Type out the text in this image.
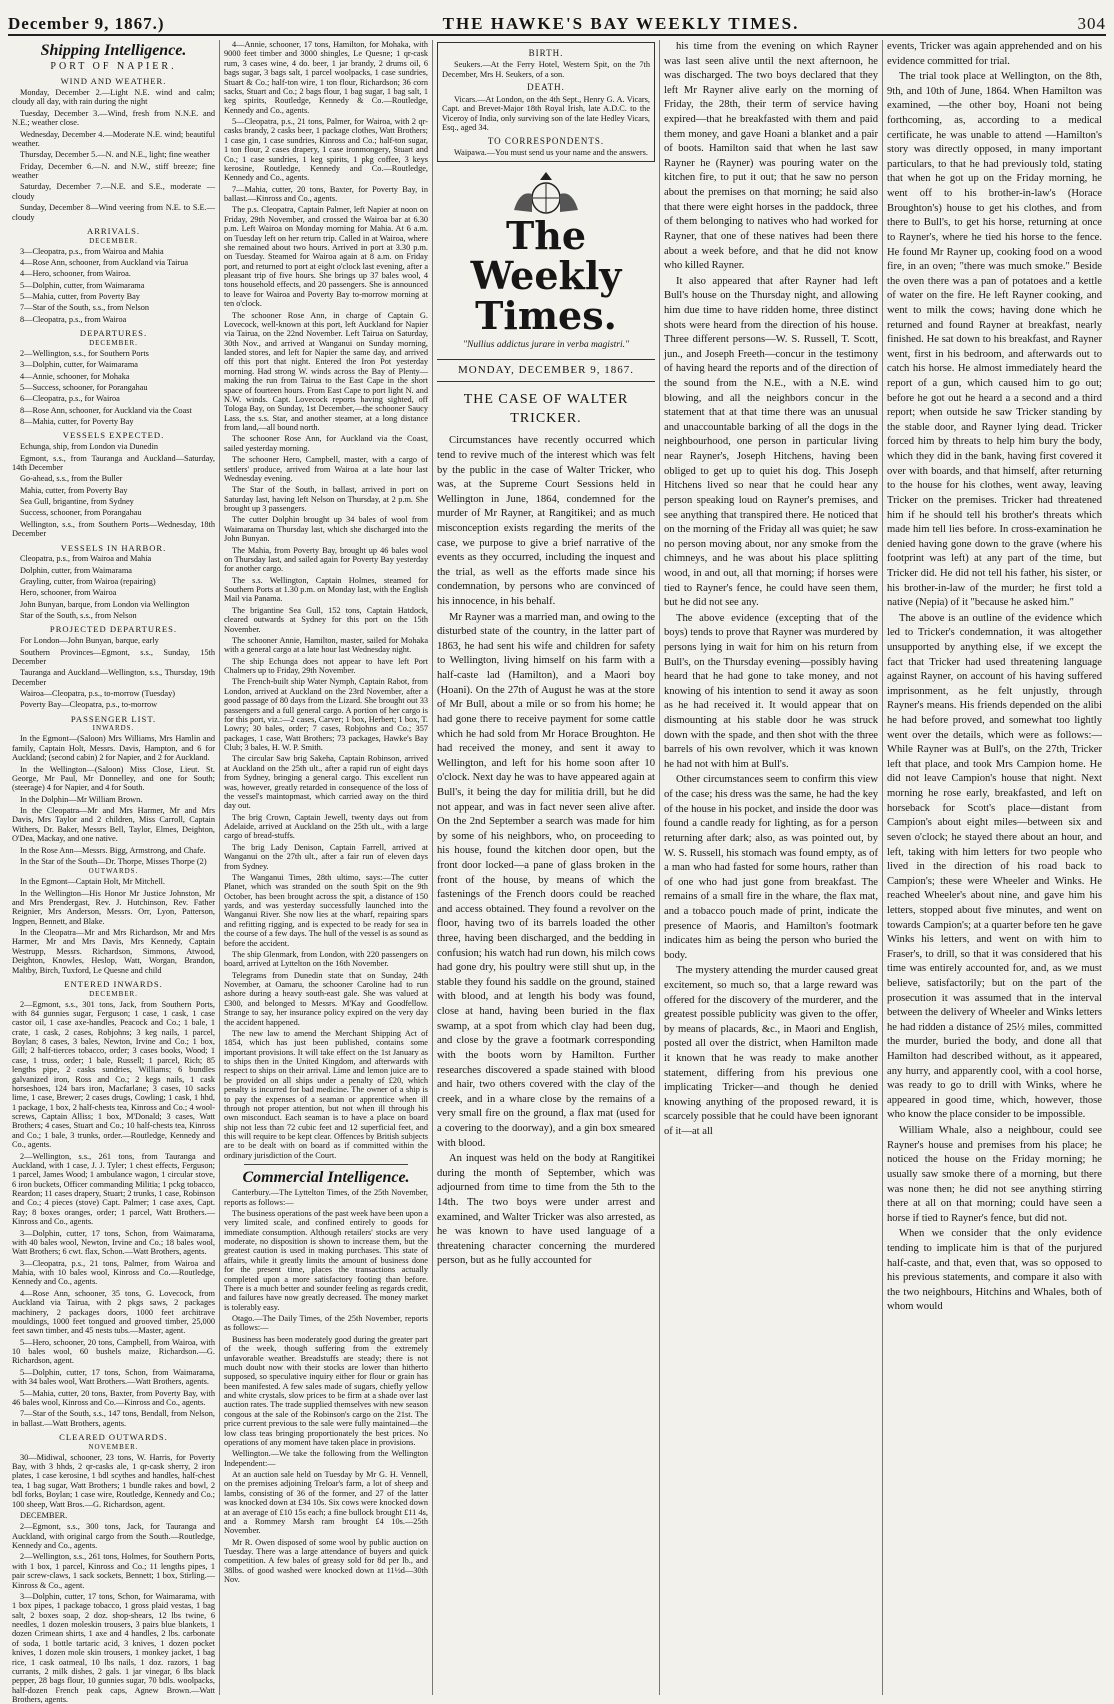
December 9, 1867.)	THE HAWKE'S BAY WEEKLY TIMES.	304
Shipping Intelligence.
PORT OF NAPIER.
WIND AND WEATHER.

Monday, December 2.—Light N.E. wind and calm; cloudy all day, with rain during the night

Tuesday, December 3.—Wind, fresh from N.N.E. and N.E.; weather close.

Wednesday, December 4.—Moderate N.E. wind; beautiful weather.

Thursday, December 5.—N. and N.E., light; fine weather

Friday, December 6.—N. and N.W., stiff breeze; fine weather

Saturday, December 7.—N.E. and S.E., moderate —cloudy

Sunday, December 8—Wind veering from N.E. to S.E.—cloudy

ARRIVALS.
DECEMBER.

3—Cleopatra, p.s., from Wairoa and Mahia

4—Rose Ann, schooner, from Auckland via Tairua

4—Hero, schooner, from Wairoa.

5—Dolphin, cutter, from Waimarama

5—Mahia, cutter, from Poverty Bay

7—Star of the South, s.s., from Nelson

8—Cleopatra, p.s., from Wairoa

DEPARTURES.
DECEMBER.

2—Wellington, s.s., for Southern Ports

3—Dolphin, cutter, for Waimarama

4—Annie, schooner, for Mohaka

5—Success, schooner, for Porangahau

6—Cleopatra, p.s., for Wairoa

8—Rose Ann, schooner, for Auckland via the Coast

8—Mahia, cutter, for Poverty Bay

VESSELS EXPECTED.

Echunga, ship, from London via Dunedin

Egmont, s.s., from Tauranga and Auckland—Saturday, 14th December

Go-ahead, s.s., from the Buller

Mahia, cutter, from Poverty Bay

Sea Gull, brigantine, from Sydney

Success, schooner, from Porangahau

Wellington, s.s., from Southern Ports—Wednesday, 18th December

VESSELS IN HARBOR.

Cleopatra, p.s., from Wairoa and Mahia

Dolphin, cutter, from Waimarama

Grayling, cutter, from Wairoa (repairing)

Hero, schooner, from Wairoa

John Bunyan, barque, from London via Wellington

Star of the South, s.s., from Nelson

PROJECTED DEPARTURES.

For London—John Bunyan, barque, early

Southern Provinces—Egmont, s.s., Sunday, 15th December

Tauranga and Auckland—Wellington, s.s., Thursday, 19th December

Wairoa—Cleopatra, p.s., to-morrow (Tuesday)

Poverty Bay—Cleopatra, p.s., to-morrow

PASSENGER LIST.
INWARDS.

In the Egmont—(Saloon) Mrs Williams, Mrs Hamlin and family, Captain Holt, Messrs. Davis, Hampton, and 6 for Auckland; (second cabin) 2 for Napier, and 2 for Auckland.

In the Wellington—(Saloon) Miss Close, Lieut. St. George, Mr Paul, Mr Donnelley, and one for South; (steerage) 4 for Napier, and 4 for South.

In the Dolphin—Mr William Brown.

In the Cleopatra—Mr and Mrs Harmer, Mr and Mrs Davis, Mrs Taylor and 2 children, Miss Carroll, Captain Withers, Dr. Baker, Messrs Bell, Taylor, Elmes, Deighton, O'Dea, Mackay, and one native.

In the Rose Ann—Messrs. Bigg, Armstrong, and Chafe.

In the Star of the South—Dr. Thorpe, Misses Thorpe (2)

OUTWARDS.

In the Egmont—Captain Holt, Mr Mitchell.

In the Wellington—His Honor Mr Justice Johnston, Mr and Mrs Prendergast, Rev. J. Hutchinson, Rev. Father Reignier, Mrs Anderson, Messrs. Orr, Lyon, Patterson, Ingpen, Bennett, and Blake.

In the Cleopatra—Mr and Mrs Richardson, Mr and Mrs Harmer, Mr and Mrs Davis, Mrs Kennedy, Captain Westrupp, Messrs. Richardson, Simmons, Atwood, Deighton, Knowles, Heslop, Watt, Worgan, Brandon, Maltby, Birch, Tuxford, Le Quesne and child

ENTERED INWARDS.
DECEMBER.

2—Egmont, s.s., 301 tons, Jack, from Southern Ports, with 84 gunnies sugar, Ferguson; 1 case, 1 cask, 1 case castor oil, 1 case axe-handles, Peacock and Co.; 1 bale, 1 crate, 1 cask, 2 cases, Robjohns; 3 keg nails, 1 parcel, Boylan; 8 cases, 3 bales, Newton, Irvine and Co.; 1 box, Gill; 2 half-tierces tobacco, order; 3 cases books, Wood; 1 case, 1 truss, order; 1 bale, Russell; 1 parcel, Rich; 85 lengths pipe, 2 casks sundries, Williams; 6 bundles galvanized iron, Ross and Co.; 2 kegs nails, 1 cask horseshoes, 124 bars iron, Macfarlane; 3 cases, 10 sacks lime, 1 case, Brewer; 2 cases drugs, Cowling; 1 cask, 1 hhd, 1 package, 1 box, 2 half-chests tea, Kinross and Co.; 4 wool-screws, Captain Alliss; 1 box, M'Donald; 3 cases, Watt Brothers; 4 cases, Stuart and Co.; 10 half-chests tea, Kinross and Co.; 1 bale, 3 trunks, order.—Routledge, Kennedy and Co., agents.

2—Wellington, s.s., 261 tons, from Tauranga and Auckland, with 1 case, J. J. Tyler; 1 chest effects, Ferguson; 1 parcel, James Wood; 1 ambulance wagon, 1 circular stove, 6 iron buckets, Officer commanding Militia; 1 pckg tobacco, Reardon; 11 cases drapery, Stuart; 2 trunks, 1 case, Robinson and Co.; 4 pieces (stove) Capt. Palmer; 1 case axes, Capt. Ray; 8 boxes oranges, order; 1 parcel, Watt Brothers.—Kinross and Co., agents.

3—Dolphin, cutter, 17 tons, Schon, from Waimarama, with 40 bales wool, Newton, Irvine and Co.; 18 bales wool, Watt Brothers; 6 cwt. flax, Schon.—Watt Brothers, agents.

3—Cleopatra, p.s., 21 tons, Palmer, from Wairoa and Mahia, with 10 bales wool, Kinross and Co.—Routledge, Kennedy and Co., agents.

4—Rose Ann, schooner, 35 tons, G. Lovecock, from Auckland via Tairua, with 2 pkgs saws, 2 packages machinery, 2 packages doors, 1000 feet architrave mouldings, 1000 feet tongued and grooved timber, 25,000 feet sawn timber, and 45 nests tubs.—Master, agent.

5—Hero, schooner, 20 tons, Campbell, from Wairoa, with 10 bales wool, 60 bushels maize, Richardson.—G. Richardson, agent.

5—Dolphin, cutter, 17 tons, Schon, from Waimarama, with 34 bales wool, Watt Brothers.—Watt Brothers, agents.

5—Mahia, cutter, 20 tons, Baxter, from Poverty Bay, with 46 bales wool, Kinross and Co.—Kinross and Co., agents.

7—Star of the South, s.s., 147 tons, Bendall, from Nelson, in ballast.—Watt Brothers, agents.

CLEARED OUTWARDS.
NOVEMBER.

30—Midiwal, schooner, 23 tons, W. Harris, for Poverty Bay, with 3 hhds, 2 qr-casks ale, 1 qr-cask sherry, 2 iron plates, 1 case kerosine, 1 bdl scythes and handles, half-chest tea, 1 bag sugar, Watt Brothers; 1 bundle rakes and bowl, 2 bdl forks, Boylan; 1 case wire, Routledge, Kennedy and Co.; 100 sheep, Watt Bros.—G. Richardson, agent.

DECEMBER.

2—Egmont, s.s., 300 tons, Jack, for Tauranga and Auckland, with original cargo from the South.—Routledge, Kennedy and Co., agents.

2—Wellington, s.s., 261 tons, Holmes, for Southern Ports, with 1 box, 1 parcel, Kinross and Co.; 11 lengths pipes, 1 pair screw-claws, 1 sack sockets, Bennett; 1 box, Stirling.—Kinross & Co., agent.

3—Dolphin, cutter, 17 tons, Schon, for Waimarama, with 1 box pipes, 1 package tobacco, 1 gross plaid vestas, 1 bag salt, 2 boxes soap, 2 doz. shop-shears, 12 lbs twine, 6 needles, 1 dozen moleskin trousers, 3 pairs blue blankets, 1 dozen Crimean shirts, 1 axe and 4 handles, 2 lbs. carbonate of soda, 1 bottle tartaric acid, 3 knives, 1 dozen pocket knives, 1 dozen mole skin trousers, 1 monkey jacket, 1 bag rice, 1 cask oatmeal, 10 lbs nails, 1 doz. razors, 1 bag currants, 2 milk dishes, 2 gals. 1 jar vinegar, 6 lbs black pepper, 28 bags flour, 10 gunnies sugar, 70 bdls. woolpacks, half-dozen French peak caps, Agnew Brown.—Watt Brothers, agents.

4—Annie, schooner, 17 tons, Hamilton, for Mohaka, with 9000 feet timber and 3000 shingles, Le Quesne; 1 qr-cask rum, 3 cases wine, 4 do. beer, 1 jar brandy, 2 drums oil, 6 bags sugar, 3 bags salt, 1 parcel woolpacks, 1 case sundries, Stuart & Co.; half-ton wire, 1 ton flour, Richardson; 36 corn sacks, Stuart and Co.; 2 bags flour, 1 bag sugar, 1 bag salt, 1 keg spirits, Routledge, Kennedy & Co.—Routledge, Kennedy and Co., agents.

5—Cleopatra, p.s., 21 tons, Palmer, for Wairoa, with 2 qr-casks brandy, 2 casks beer, 1 package clothes, Watt Brothers; 1 case gin, 1 case sundries, Kinross and Co.; half-ton sugar, 1 ton flour, 2 cases drapery, 1 case ironmongery, Stuart and Co.; 1 case sundries, 1 keg spirits, 1 pkg coffee, 3 keys kerosine, Routledge, Kennedy and Co.—Routledge, Kennedy and Co., agents.

7—Mahia, cutter, 20 tons, Baxter, for Poverty Bay, in ballast.—Kinross and Co., agents.

The p.s. Cleopatra, Captain Palmer, left Napier at noon on Friday, 29th November, and crossed the Wairoa bar at 6.30 p.m. Left Wairoa on Monday morning for Mahia. At 6 a.m. on Tuesday left on her return trip. Called in at Wairoa, where she remained about two hours. Arrived in port at 3.30 p.m. on Tuesday. Steamed for Wairoa again at 8 a.m. on Friday port, and returned to port at eight o'clock last evening, after a pleasant trip of five hours. She brings up 37 bales wool, 4 tons household effects, and 20 passengers. She is announced to leave for Wairoa and Poverty Bay to-morrow morning at ten o'clock.

The schooner Rose Ann, in charge of Captain G. Lovecock, well-known at this port, left Auckland for Napier via Tairua, on the 22nd November. Left Tairua on Saturday, 30th Nov., and arrived at Wanganui on Sunday morning, landed stores, and left for Napier the same day, and arrived off this port that night. Entered the Iron Pot yesterday morning. Had strong W. winds across the Bay of Plenty—making the run from Tairua to the East Cape in the short space of fourteen hours. From East Cape to port light N. and N.W. winds. Capt. Lovecock reports having sighted, off Tologa Bay, on Sunday, 1st December,—the schooner Saucy Lass, the s.s. Star, and another steamer, at a long distance from land,—all bound north.

The schooner Rose Ann, for Auckland via the Coast, sailed yesterday morning.

The schooner Hero, Campbell, master, with a cargo of settlers' produce, arrived from Wairoa at a late hour last Wednesday evening.

The Star of the South, in ballast, arrived in port on Saturday last, having left Nelson on Thursday, at 2 p.m. She brought up 3 passengers.

The cutter Dolphin brought up 34 bales of wool from Waimarama on Thursday last, which she discharged into the John Bunyan.

The Mahia, from Poverty Bay, brought up 46 bales wool on Thursday last, and sailed again for Poverty Bay yesterday for another cargo.

The s.s. Wellington, Captain Holmes, steamed for Southern Ports at 1.30 p.m. on Monday last, with the English Mail via Panama.

The brigantine Sea Gull, 152 tons, Captain Hatdock, cleared outwards at Sydney for this port on the 15th November.

The schooner Annie, Hamilton, master, sailed for Mohaka with a general cargo at a late hour last Wednesday night.

The ship Echunga does not appear to have left Port Chalmers up to Friday, 29th November.

The French-built ship Water Nymph, Captain Rabot, from London, arrived at Auckland on the 23rd November, after a good passage of 80 days from the Lizard. She brought out 33 passengers and a full general cargo. A portion of her cargo is for this port, viz.:—2 cases, Carver; 1 box, Herbert; 1 box, T. Lowry; 30 bales, order; 7 cases, Robjohns and Co.; 357 packages, 1 case, Watt Brothers; 73 packages, Hawke's Bay Club; 3 bales, H. W. P. Smith.

The circular Saw brig Sakeha, Captain Robinson, arrived at Auckland on the 25th ult., after a rapid run of eight days from Sydney, bringing a general cargo. This excellent run was, however, greatly retarded in consequence of the loss of the vessel's maintopmast, which carried away on the third day out.

The brig Crown, Captain Jewell, twenty days out from Adelaide, arrived at Auckland on the 25th ult., with a large cargo of bread-stuffs.

The brig Lady Denison, Captain Farrell, arrived at Wanganui on the 27th ult., after a fair run of eleven days from Sydney.

The Wanganui Times, 28th ultimo, says:—The cutter Planet, which was stranded on the south Spit on the 9th October, has been brought across the spit, a distance of 150 yards, and was yesterday successfully launched into the Wanganui River. She now lies at the wharf, repairing spars and refitting rigging, and is expected to be ready for sea in the course of a few days. The hull of the vessel is as sound as before the accident.

The ship Glenmark, from London, with 220 passengers on board, arrived at Lyttelton on the 16th November.

Telegrams from Dunedin state that on Sunday, 24th November, at Oamaru, the schooner Caroline had to run ashore during a heavy south-east gale. She was valued at £300, and belonged to Messrs. M'Kay and Goodfellow. Strange to say, her insurance policy expired on the very day the accident happened.

The new law to amend the Merchant Shipping Act of 1854, which has just been published, contains some important provisions. It will take effect on the 1st January as to ships then in the United Kingdom, and afterwards with respect to ships on their arrival. Lime and lemon juice are to be provided on all ships under a penalty of £20, which penalty is incurred for bad medicine. The owner of a ship is to pay the expenses of a seaman or apprentice when ill through not proper attention, but not when ill through his own misconduct. Each seaman is to have a place on board ship not less than 72 cubic feet and 12 superficial feet, and this will require to be kept clear. Offences by British subjects are to be dealt with on board as if committed within the ordinary jurisdiction of the Court.

Commercial Intelligence.

Canterbury.—The Lyttelton Times, of the 25th November, reports as follows:—

The business operations of the past week have been upon a very limited scale, and confined entirely to goods for immediate consumption. Although retailers' stocks are very moderate, no disposition is shown to increase them, but the greatest caution is used in making purchases. This state of affairs, while it greatly limits the amount of business done for the present time, places the transactions actually completed upon a more satisfactory footing than before. There is a much better and sounder feeling as regards credit, and failures have now greatly decreased. The money market is tolerably easy.

Otago.—The Daily Times, of the 25th November, reports as follows:—

Business has been moderately good during the greater part of the week, though suffering from the extremely unfavorable weather. Breadstuffs are steady; there is not much doubt now with their stocks are lower than hitherto supposed, so speculative inquiry either for flour or grain has been manifested. A few sales made of sugars, chiefly yellow and white crystals, slow prices to be firm at a shade over last auction rates. The trade supplied themselves with new season congous at the sale of the Robinson's cargo on the 21st. The price current previous to the sale were fully maintained—the low class teas bringing proportionately the best prices. No operations of any moment have taken place in provisions.

Wellington.—We take the following from the Wellington Independent:—

At an auction sale held on Tuesday by Mr G. H. Vennell, on the premises adjoining Treloar's farm, a lot of sheep and lambs, consisting of 36 of the former, and 27 of the latter was knocked down at £34 10s. Six cows were knocked down at an average of £10 15s each; a fine bullock brought £11 4s, and a Rommey Marsh ram brought £4 10s.—25th November.

Mr R. Owen disposed of some wool by public auction on Tuesday. There was a large attendance of buyers and quick competition. A few bales of greasy sold for 8d per lb., and 38lbs. of good washed were knocked down at 11½d—30th Nov.

BIRTH.

Seukers.—At the Ferry Hotel, Western Spit, on the 7th December, Mrs H. Seukers, of a son.

DEATH.

Vicars.—At London, on the 4th Sept., Henry G. A. Vicars, Capt. and Brevet-Major 18th Royal Irish, late A.D.C. to the Viceroy of India, only surviving son of the late Hedley Vicars, Esq., aged 34.

TO CORRESPONDENTS.

Waipawa.—You must send us your name and the answers.

The Weekly Times.
"Nullius addictus jurare in verba magistri."
MONDAY, DECEMBER 9, 1867.
THE CASE OF WALTER TRICKER.

Circumstances have recently occurred which tend to revive much of the interest which was felt by the public in the case of Walter Tricker, who was, at the Supreme Court Sessions held in Wellington in June, 1864, condemned for the murder of Mr Rayner, at Rangitikei; and as much misconception exists regarding the merits of the case, we purpose to give a brief narrative of the events as they occurred, including the inquest and the trial, as well as the efforts made since his condemnation, by persons who are convinced of his innocence, in his behalf.

Mr Rayner was a married man, and owing to the disturbed state of the country, in the latter part of 1863, he had sent his wife and children for safety to Wellington, living himself on his farm with a half-caste lad (Hamilton), and a Maori boy (Hoani). On the 27th of August he was at the store of Mr Bull, about a mile or so from his home; he had gone there to receive payment for some cattle which he had sold from Mr Horace Broughton. He had received the money, and sent it away to Wellington, and left for his home soon after 10 o'clock. Next day he was to have appeared again at Bull's, it being the day for militia drill, but he did not appear, and was in fact never seen alive after. On the 2nd September a search was made for him by some of his neighbors, who, on proceeding to his house, found the kitchen door open, but the front door locked—a pane of glass broken in the front of the house, by means of which the fastenings of the French doors could be reached and access obtained. They found a revolver on the floor, having two of its barrels loaded the other three, having been discharged, and the bedding in confusion; his watch had run down, his milch cows had gone dry, his poultry were still shut up, in the stable they found his saddle on the ground, stained with blood, and at length his body was found, close at hand, having been buried in the flax swamp, at a spot from which clay had been dug, and close by the grave a footmark corresponding with the boots worn by Hamilton. Further researches discovered a spade stained with blood and hair, two others covered with the clay of the creek, and in a whare close by the remains of a very small fire on the ground, a flax mat (used for a covering to the doorway), and a gin box smeared with blood.

An inquest was held on the body at Rangitikei during the month of September, which was adjourned from time to time from the 5th to the 14th. The two boys were under arrest and examined, and Walter Tricker was also arrested, as he was known to have used language of a threatening character concerning the murdered person, but as he fully accounted for

his time from the evening on which Rayner was last seen alive until the next afternoon, he was discharged. The two boys declared that they left Mr Rayner alive early on the morning of Friday, the 28th, their term of service having expired—that he breakfasted with them and paid them money, and gave Hoani a blanket and a pair of boots. Hamilton said that when he last saw Rayner he (Rayner) was pouring water on the kitchen fire, to put it out; that he saw no person about the premises on that morning; he said also that there were eight horses in the paddock, three of them belonging to natives who had worked for Rayner, that one of these natives had been there about a week before, and that he did not know who killed Rayner.

It also appeared that after Rayner had left Bull's house on the Thursday night, and allowing him due time to have ridden home, three distinct shots were heard from the direction of his house. Three different persons—W. S. Russell, T. Scott, jun., and Joseph Freeth—concur in the testimony of having heard the reports and of the direction of the sound from the N.E., with a N.E. wind blowing, and all the neighbors concur in the statement that at that time there was an unusual and unaccountable barking of all the dogs in the neighbourhood, one person in particular living near Rayner's, Joseph Hitchens, having been obliged to get up to quiet his dog. This Joseph Hitchens lived so near that he could hear any person speaking loud on Rayner's premises, and see anything that transpired there. He noticed that on the morning of the Friday all was quiet; he saw no person moving about, nor any smoke from the chimneys, and he was about his place splitting wood, in and out, all that morning; if horses were tied to Rayner's fence, he could have seen them, but he did not see any.

The above evidence (excepting that of the boys) tends to prove that Rayner was murdered by persons lying in wait for him on his return from Bull's, on the Thursday evening—possibly having heard that he had gone to take money, and not knowing of his intention to send it away as soon as he had received it. It would appear that on dismounting at his stable door he was struck down with the spade, and then shot with the three barrels of his own revolver, which it was known he had not with him at Bull's.

Other circumstances seem to confirm this view of the case; his dress was the same, he had the key of the house in his pocket, and inside the door was found a candle ready for lighting, as for a person returning after dark; also, as was pointed out, by W. S. Russell, his stomach was found empty, as of a man who had fasted for some hours, rather than of one who had just gone from breakfast. The remains of a small fire in the whare, the flax mat, and a tobacco pouch made of print, indicate the presence of Maoris, and Hamilton's footmark indicates him as being the person who buried the body.

The mystery attending the murder caused great excitement, so much so, that a large reward was offered for the discovery of the murderer, and the greatest possible publicity was given to the offer, by means of placards, &c., in Maori and English, posted all over the district, when Hamilton made it known that he was ready to make another statement, differing from his previous one implicating Tricker—and though he denied knowing anything of the proposed reward, it is scarcely possible that he could have been ignorant of it—at all

events, Tricker was again apprehended and on his evidence committed for trial.

The trial took place at Wellington, on the 8th, 9th, and 10th of June, 1864. When Hamilton was examined, —the other boy, Hoani not being forthcoming, as, according to a medical certificate, he was unable to attend —Hamilton's story was directly opposed, in many important particulars, to that he had previously told, stating that when he got up on the Friday morning, he went off to his brother-in-law's (Horace Broughton's) house to get his clothes, and from there to Bull's, to get his horse, returning at once to Rayner's, where he tied his horse to the fence. He found Mr Rayner up, cooking food on a wood fire, in an oven; "there was much smoke." Beside the oven there was a pan of potatoes and a kettle of water on the fire. He left Rayner cooking, and went to milk the cows; having done which he returned and found Rayner at breakfast, nearly finished. He sat down to his breakfast, and Rayner went, first in his bedroom, and afterwards out to catch his horse. He almost immediately heard the report of a gun, which caused him to go out; before he got out he heard a a second and a third report; when outside he saw Tricker standing by the stable door, and Rayner lying dead. Tricker forced him by threats to help him bury the body, which they did in the bank, having first covered it over with boards, and that himself, after returning to the house for his clothes, went away, leaving Tricker on the premises. Tricker had threatened him if he should tell his brother's threats which made him tell lies before. In cross-examination he denied having gone down to the grave (where his footprint was left) at any part of the time, but Tricker did. He did not tell his father, his sister, or his brother-in-law of the murder; he first told a native (Nepia) of it "because he asked him."

The above is an outline of the evidence which led to Tricker's condemnation, it was altogether unsupported by anything else, if we except the fact that Tricker had used threatening language against Rayner, on account of his having suffered imprisonment, as he felt unjustly, through Rayner's means. His friends depended on the alibi he had before proved, and somewhat too lightly went over the details, which were as follows:—While Rayner was at Bull's, on the 27th, Tricker left that place, and took Mrs Campion home. He did not leave Campion's house that night. Next morning he rose early, breakfasted, and left on horseback for Scott's place—distant from Campion's about eight miles—between six and seven o'clock; he stayed there about an hour, and left, taking with him letters for two people who lived in the direction of his road back to Campion's; these were Wheeler and Winks. He reached Wheeler's about nine, and gave him his letters, stopped about five minutes, and went on towards Campion's; at a quarter before ten he gave Winks his letters, and went on with him to Fraser's, to drill, so that it was considered that his time was entirely accounted for, and, as we must believe, satisfactorily; but on the part of the prosecution it was assumed that in the interval between the delivery of Wheeler and Winks letters he had ridden a distance of 25½ miles, committed the murder, buried the body, and done all that Hamilton had described without, as it appeared, any hurry, and apparently cool, with a cool horse, was ready to go to drill with Winks, where he appeared in good time, which, however, those who know the place consider to be impossible.

William Whale, also a neighbour, could see Rayner's house and premises from his place; he noticed the house on the Friday morning; he usually saw smoke there of a morning, but there was none then; he did not see anything stirring there at all on that morning; could have seen a horse if tied to Rayner's fence, but did not.

When we consider that the only evidence tending to implicate him is that of the purjured half-caste, and that, even that, was so opposed to his previous statements, and compare it also with the two neighbours, Hitchins and Whales, both of whom would
